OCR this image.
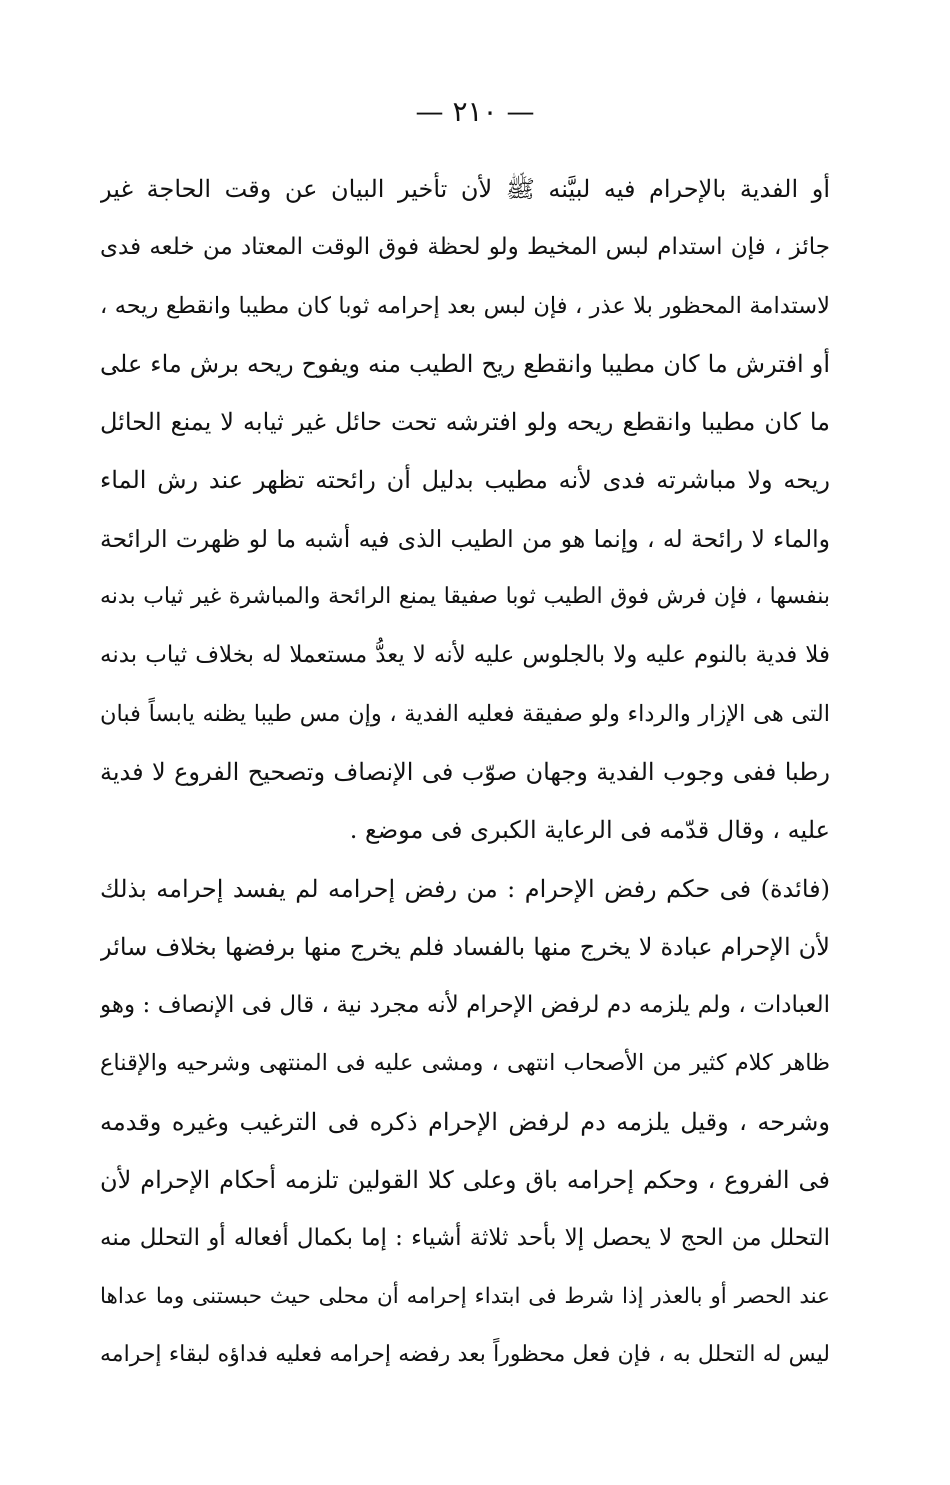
— ٢١٠ —
أو الفدية بالإحرام فيه لبيَّنه ﷺ لأن تأخير البيان عن وقت الحاجة غير
جائز ، فإن استدام لبس المخيط ولو لحظة فوق الوقت المعتاد من خلعه فدى
لاستدامة المحظور بلا عذر ، فإن لبس بعد إحرامه ثوبا كان مطيبا وانقطع ريحه ،
أو افترش ما كان مطيبا وانقطع ريح الطيب منه ويفوح ريحه برش ماء على
ما كان مطيبا وانقطع ريحه ولو افترشه تحت حائل غير ثيابه لا يمنع الحائل
ريحه ولا مباشرته فدى لأنه مطيب بدليل أن رائحته تظهر عند رش الماء
والماء لا رائحة له ، وإنما هو من الطيب الذى فيه أشبه ما لو ظهرت الرائحة
بنفسها ، فإن فرش فوق الطيب ثوبا صفيقا يمنع الرائحة والمباشرة غير ثياب بدنه
فلا فدية بالنوم عليه ولا بالجلوس عليه لأنه لا يعدُّ مستعملا له بخلاف ثياب بدنه
التى هى الإزار والرداء ولو صفيقة فعليه الفدية ، وإن مس طيبا يظنه يابساً فبان
رطبا ففى وجوب الفدية وجهان صوّب فى الإنصاف وتصحيح الفروع لا فدية
عليه ، وقال قدّمه فى الرعاية الكبرى فى موضع .
(فائدة) فى حكم رفض الإحرام : من رفض إحرامه لم يفسد إحرامه بذلك
لأن الإحرام عبادة لا يخرج منها بالفساد فلم يخرج منها برفضها بخلاف سائر
العبادات ، ولم يلزمه دم لرفض الإحرام لأنه مجرد نية ، قال فى الإنصاف : وهو
ظاهر كلام كثير من الأصحاب انتهى ، ومشى عليه فى المنتهى وشرحيه والإقناع
وشرحه ، وقيل يلزمه دم لرفض الإحرام ذكره فى الترغيب وغيره وقدمه
فى الفروع ، وحكم إحرامه باق وعلى كلا القولين تلزمه أحكام الإحرام لأن
التحلل من الحج لا يحصل إلا بأحد ثلاثة أشياء : إما بكمال أفعاله أو التحلل منه
عند الحصر أو بالعذر إذا شرط فى ابتداء إحرامه أن محلى حيث حبستنى وما عداها
ليس له التحلل به ، فإن فعل محظوراً بعد رفضه إحرامه فعليه فداؤه لبقاء إحرامه
